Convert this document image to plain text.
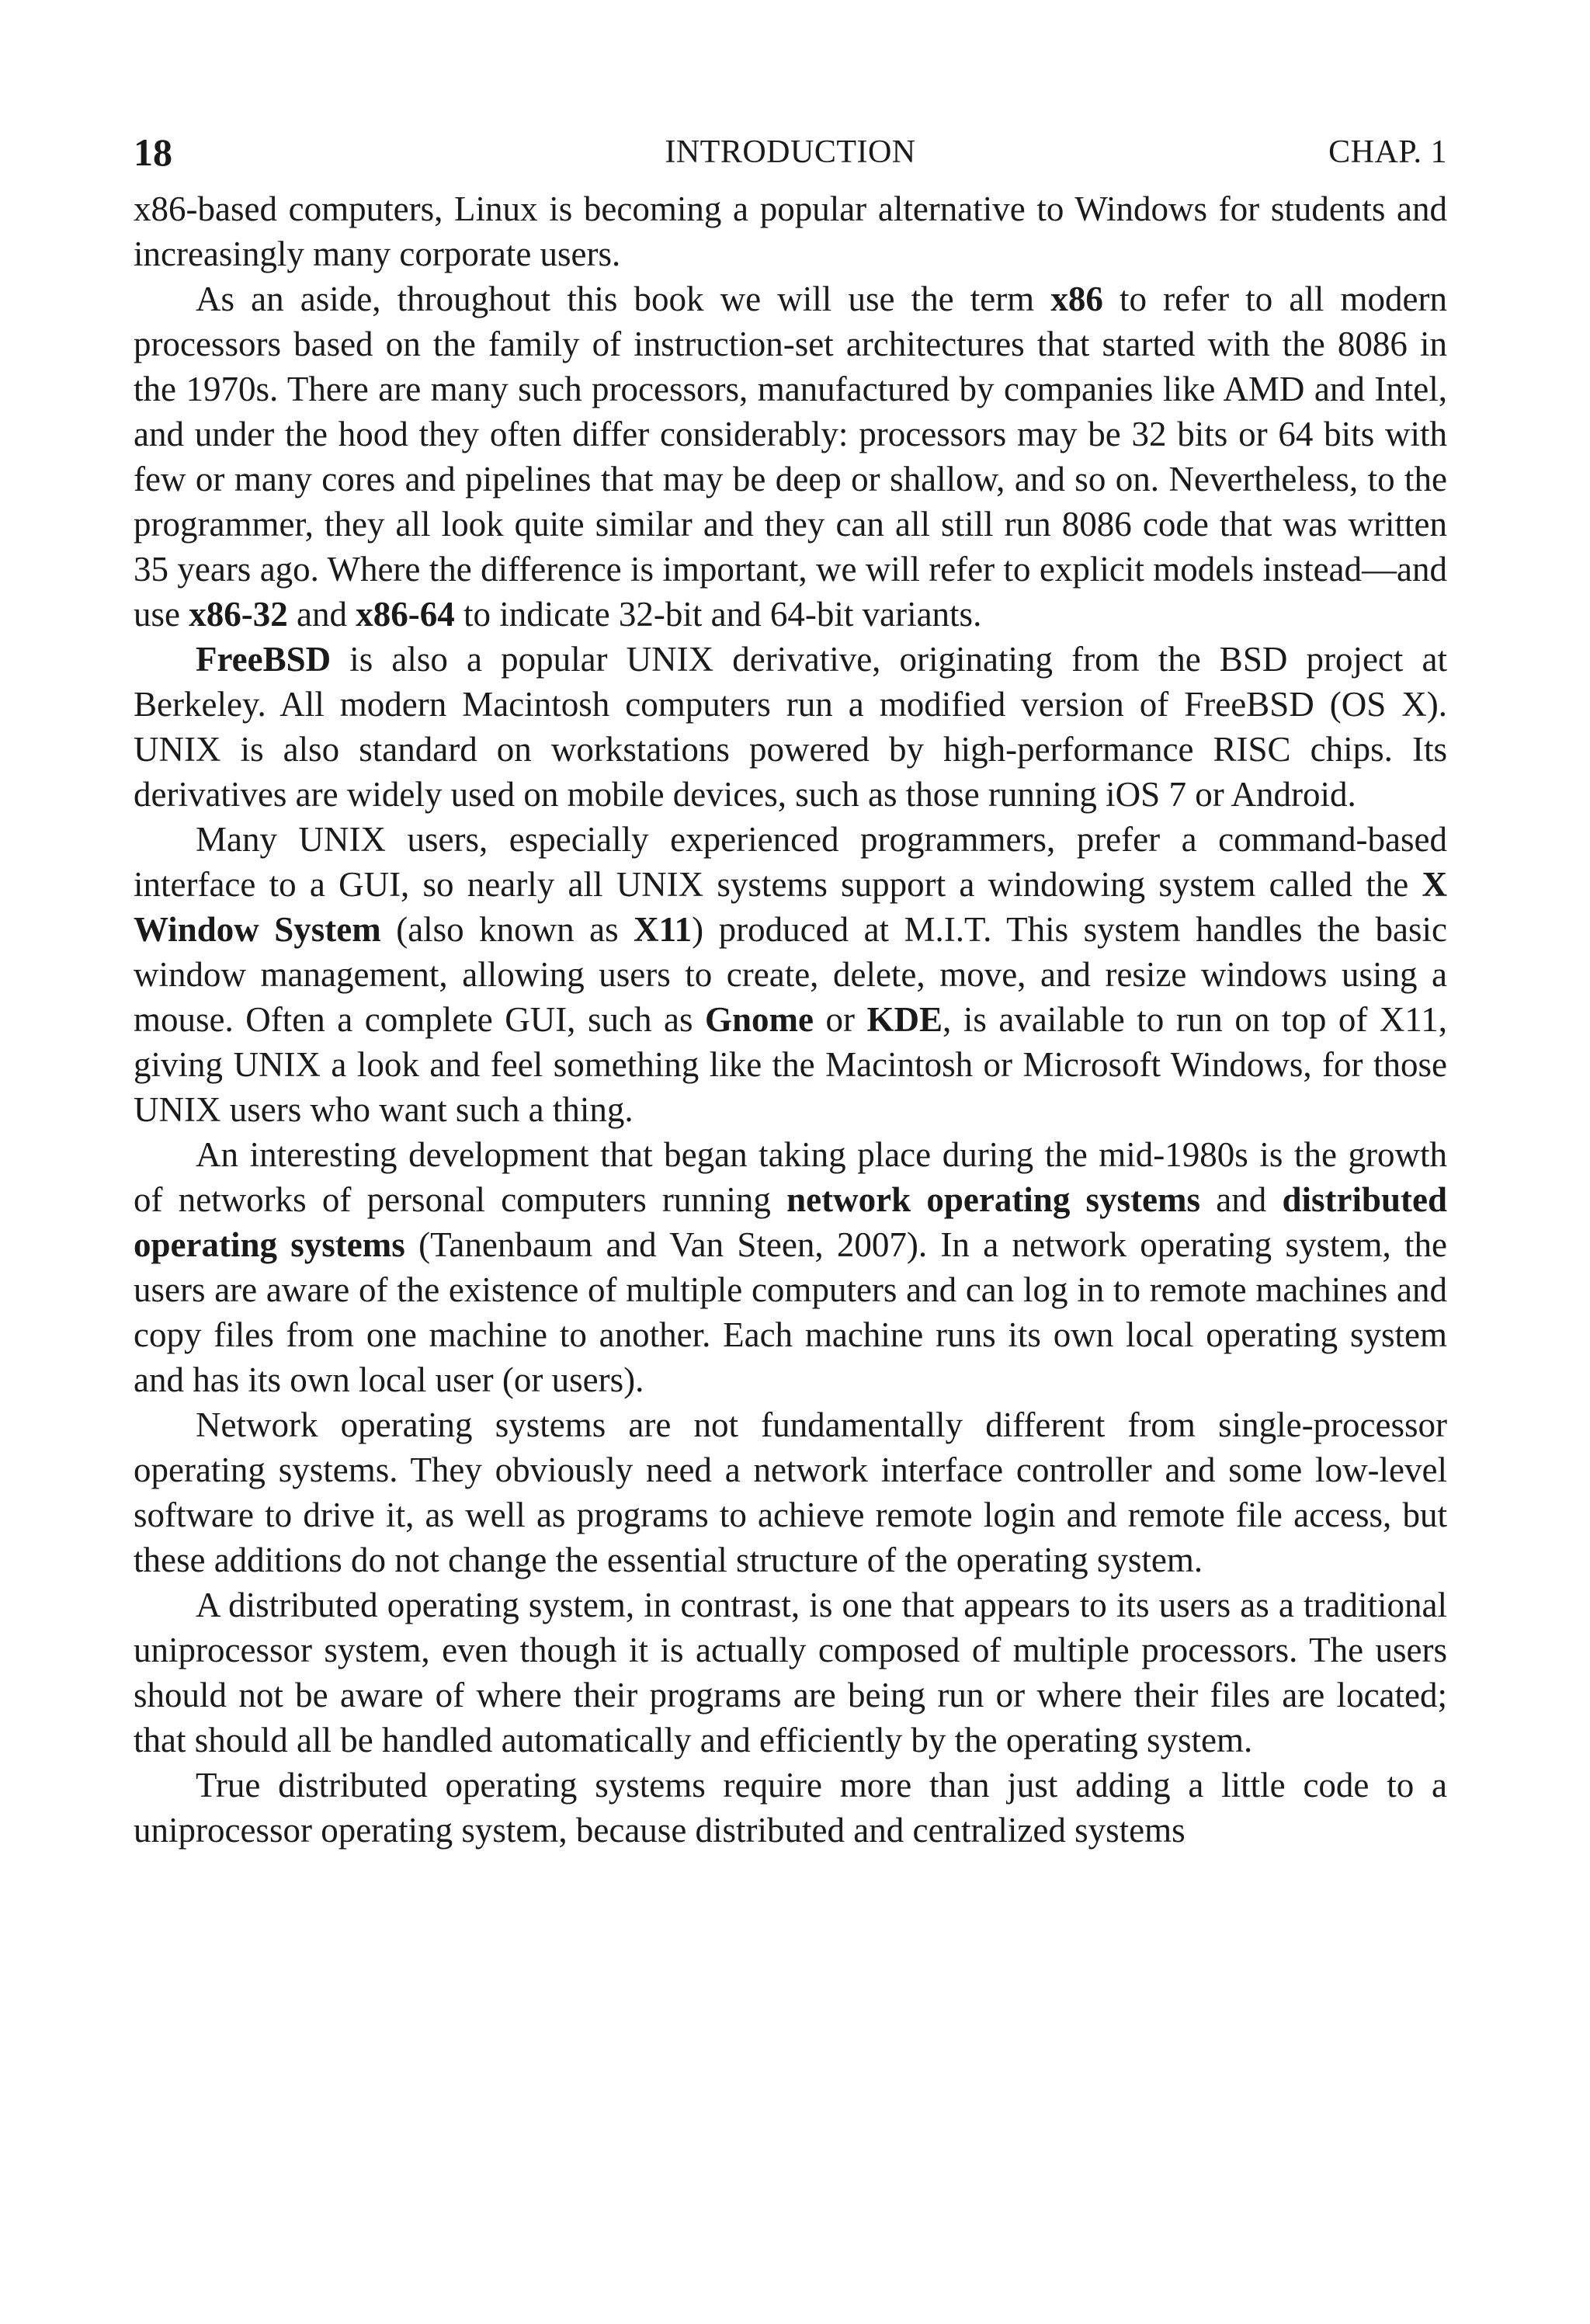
18	INTRODUCTION	CHAP. 1

x86-based computers, Linux is becoming a popular alternative to Windows for students and increasingly many corporate users.

As an aside, throughout this book we will use the term x86 to refer to all modern processors based on the family of instruction-set architectures that started with the 8086 in the 1970s. There are many such processors, manufactured by companies like AMD and Intel, and under the hood they often differ considerably: processors may be 32 bits or 64 bits with few or many cores and pipelines that may be deep or shallow, and so on. Nevertheless, to the programmer, they all look quite similar and they can all still run 8086 code that was written 35 years ago. Where the difference is important, we will refer to explicit models instead—and use x86-32 and x86-64 to indicate 32-bit and 64-bit variants.

FreeBSD is also a popular UNIX derivative, originating from the BSD project at Berkeley. All modern Macintosh computers run a modified version of FreeBSD (OS X). UNIX is also standard on workstations powered by high-performance RISC chips. Its derivatives are widely used on mobile devices, such as those running iOS 7 or Android.

Many UNIX users, especially experienced programmers, prefer a command-based interface to a GUI, so nearly all UNIX systems support a windowing system called the X Window System (also known as X11) produced at M.I.T. This system handles the basic window management, allowing users to create, delete, move, and resize windows using a mouse. Often a complete GUI, such as Gnome or KDE, is available to run on top of X11, giving UNIX a look and feel something like the Macintosh or Microsoft Windows, for those UNIX users who want such a thing.

An interesting development that began taking place during the mid-1980s is the growth of networks of personal computers running network operating systems and distributed operating systems (Tanenbaum and Van Steen, 2007). In a network operating system, the users are aware of the existence of multiple computers and can log in to remote machines and copy files from one machine to another. Each machine runs its own local operating system and has its own local user (or users).

Network operating systems are not fundamentally different from single-processor operating systems. They obviously need a network interface controller and some low-level software to drive it, as well as programs to achieve remote login and remote file access, but these additions do not change the essential structure of the operating system.

A distributed operating system, in contrast, is one that appears to its users as a traditional uniprocessor system, even though it is actually composed of multiple processors. The users should not be aware of where their programs are being run or where their files are located; that should all be handled automatically and efficiently by the operating system.

True distributed operating systems require more than just adding a little code to a uniprocessor operating system, because distributed and centralized systems
